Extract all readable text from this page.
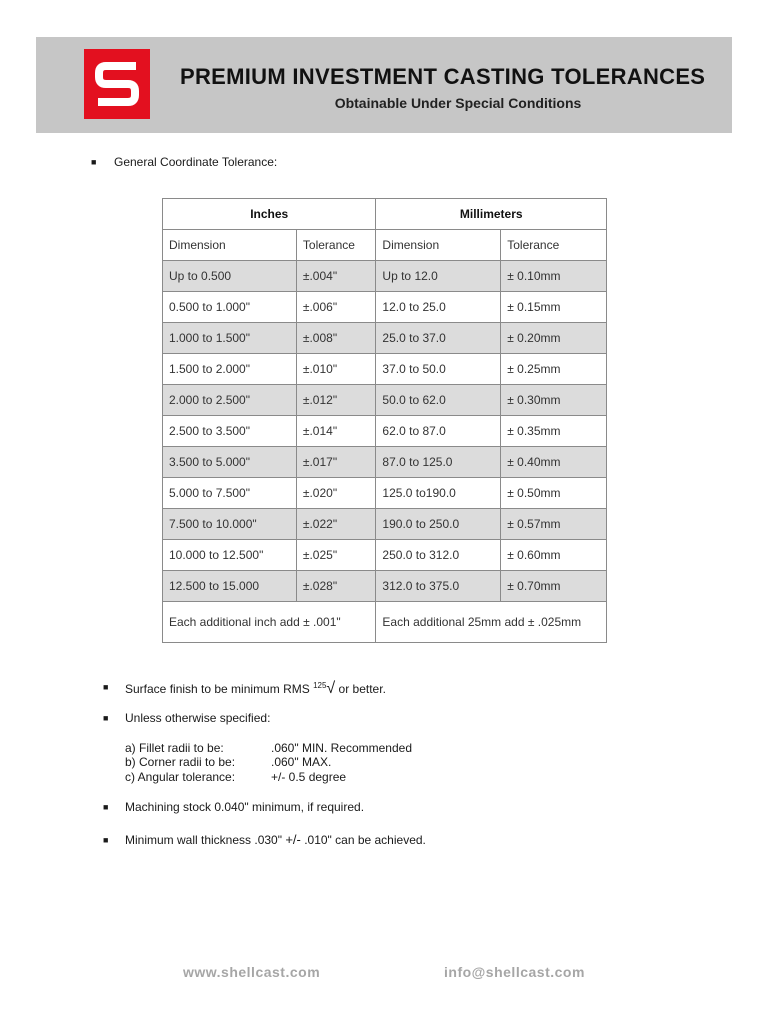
PREMIUM INVESTMENT CASTING TOLERANCES
Obtainable Under Special Conditions
■ General Coordinate Tolerance:
Inches		Millimeters	
Dimension	Tolerance	Dimension	Tolerance
Up to 0.500	±.004"	Up to 12.0	± 0.10mm
0.500 to 1.000"	±.006"	12.0 to 25.0	± 0.15mm
1.000 to 1.500"	±.008"	25.0 to 37.0	± 0.20mm
1.500 to 2.000"	±.010"	37.0 to 50.0	± 0.25mm
2.000 to 2.500"	±.012"	50.0 to 62.0	± 0.30mm
2.500 to 3.500"	±.014"	62.0 to 87.0	± 0.35mm
3.500 to 5.000"	±.017"	87.0 to 125.0	± 0.40mm
5.000 to 7.500"	±.020"	125.0 to190.0	± 0.50mm
7.500 to 10.000"	±.022"	190.0 to 250.0	± 0.57mm
10.000 to 12.500"	±.025"	250.0 to 312.0	± 0.60mm
12.500 to 15.000	±.028"	312.0 to 375.0	± 0.70mm
Each additional inch add ± .001"		Each additional 25mm add ± .025mm	
■ Surface finish to be minimum RMS $^{125}$√ or better.
■ Unless otherwise specified:
a) Fillet radii to be:	.060" MIN. Recommended
b) Corner radii to be:	.060" MAX.
c) Angular tolerance:	+/- 0.5 degree
■ Machining stock 0.040" minimum, if required.
■ Minimum wall thickness .030" +/- .010" can be achieved.
www.shellcast.com	info@shellcast.com
